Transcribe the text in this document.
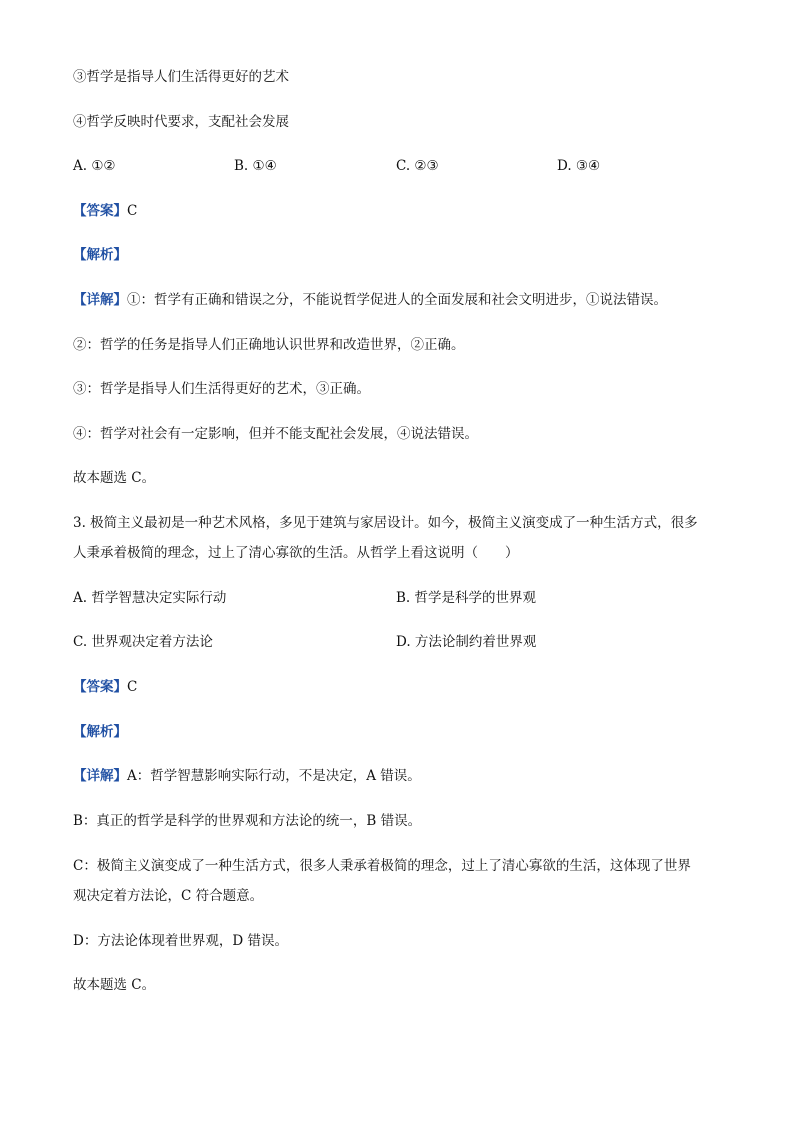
③哲学是指导人们生活得更好的艺术
④哲学反映时代要求，支配社会发展
A. ①②	B. ①④	C. ②③	D. ③④
【答案】C
【解析】
【详解】①：哲学有正确和错误之分，不能说哲学促进人的全面发展和社会文明进步，①说法错误。
②：哲学的任务是指导人们正确地认识世界和改造世界，②正确。
③：哲学是指导人们生活得更好的艺术，③正确。
④：哲学对社会有一定影响，但并不能支配社会发展，④说法错误。
故本题选 C。
3. 极简主义最初是一种艺术风格，多见于建筑与家居设计。如今，极简主义演变成了一种生活方式，很多
人秉承着极简的理念，过上了清心寡欲的生活。从哲学上看这说明（　　）
A. 哲学智慧决定实际行动	B. 哲学是科学的世界观
C. 世界观决定着方法论	D. 方法论制约着世界观
【答案】C
【解析】
【详解】A：哲学智慧影响实际行动，不是决定，A 错误。
B：真正的哲学是科学的世界观和方法论的统一，B 错误。
C：极简主义演变成了一种生活方式，很多人秉承着极简的理念，过上了清心寡欲的生活，这体现了世界
观决定着方法论，C 符合题意。
D：方法论体现着世界观，D 错误。
故本题选 C。
